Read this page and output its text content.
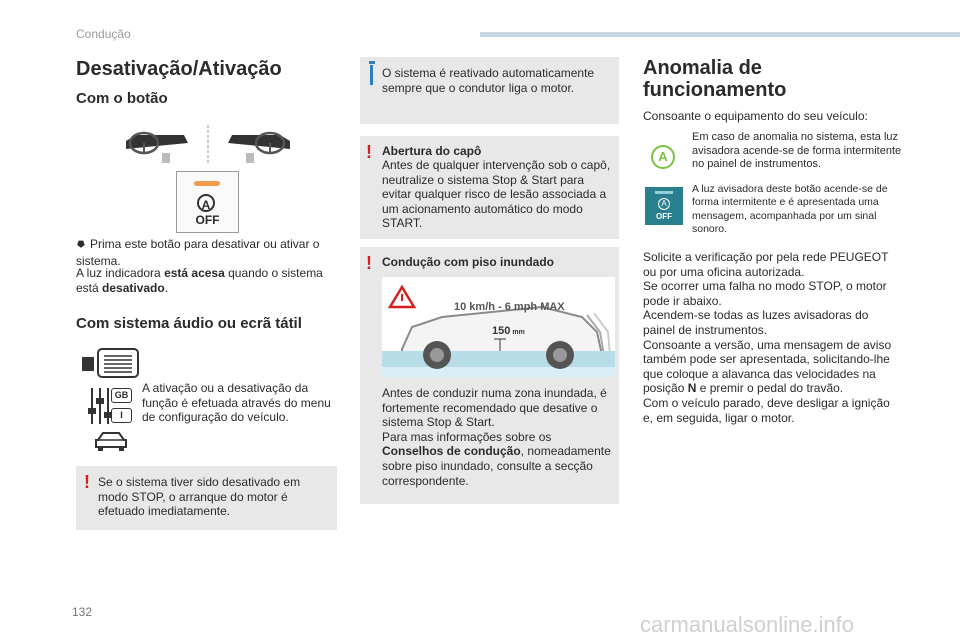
Condução
Desativação/Ativação
Com o botão
A
OFF
⯂ Prima este botão para desativar ou ativar o sistema.
A luz indicadora está acesa quando o sistema está desativado.
Com sistema áudio ou ecrã tátil
GB
I
A ativação ou a desativação da função é efetuada através do menu de configuração do veículo.
! Se o sistema tiver sido desativado em modo STOP, o arranque do motor é efetuado imediatamente.
O sistema é reativado automaticamente sempre que o condutor liga o motor.
! Abertura do capô
Antes de qualquer intervenção sob o capô, neutralize o sistema Stop & Start para evitar qualquer risco de lesão associada a um acionamento automático do modo START.
! Condução com piso inundado
10 km/h - 6 mph MAX
150 mm
Antes de conduzir numa zona inundada, é fortemente recomendado que desative o sistema Stop & Start.
Para mas informações sobre os Conselhos de condução, nomeadamente sobre piso inundado, consulte a secção correspondente.
Anomalia de
funcionamento
Consoante o equipamento do seu veículo:
A
Em caso de anomalia no sistema, esta luz avisadora acende-se de forma intermitente no painel de instrumentos.
A
OFF
A luz avisadora deste botão acende-se de forma intermitente e é apresentada uma mensagem, acompanhada por um sinal sonoro.
Solicite a verificação por pela rede PEUGEOT ou por uma oficina autorizada.
Se ocorrer uma falha no modo STOP, o motor pode ir abaixo.
Acendem-se todas as luzes avisadoras do painel de instrumentos.
Consoante a versão, uma mensagem de aviso também pode ser apresentada, solicitando-lhe que coloque a alavanca das velocidades na posição N e premir o pedal do travão.
Com o veículo parado, deve desligar a ignição e, em seguida, ligar o motor.
132	carmanualsonline.info
